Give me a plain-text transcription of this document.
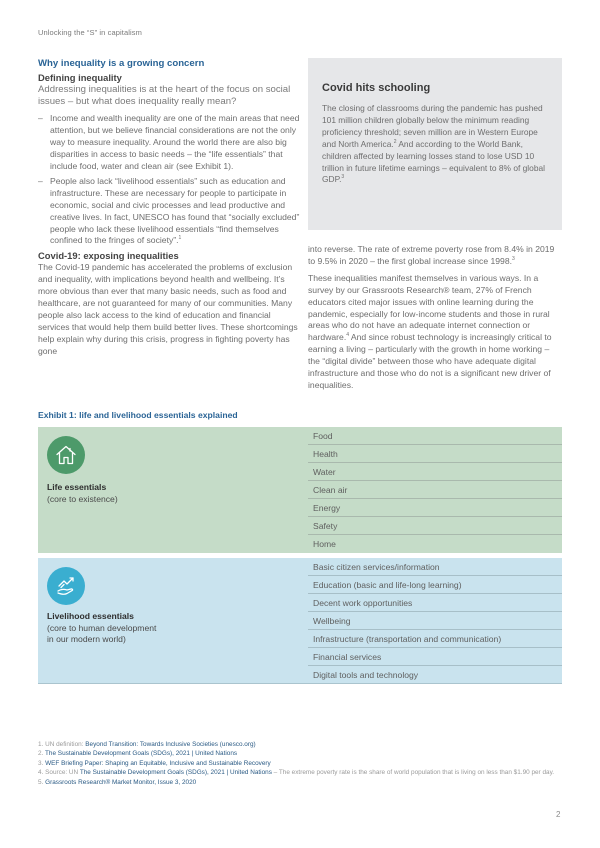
Unlocking the “S” in capitalism
Why inequality is a growing concern
Defining inequality
Addressing inequalities is at the heart of the focus on social issues – but what does inequality really mean?
– Income and wealth inequality are one of the main areas that need attention, but we believe financial considerations are not the only way to measure inequality. Around the world there are also big disparities in access to basic needs – the “life essentials” that include food, water and clean air (see Exhibit 1).
– People also lack “livelihood essentials” such as education and infrastructure. These are necessary for people to participate in economic, social and civic processes and lead productive and creative lives. In fact, UNESCO has found that “socially excluded” people who lack these livelihood essentials “find themselves confined to the fringes of society”.$^1$
Covid-19: exposing inequalities
The Covid-19 pandemic has accelerated the problems of exclusion and inequality, with implications beyond health and wellbeing. It’s more obvious than ever that many basic needs, such as food and healthcare, are not guaranteed for many of our communities. Many people also lack access to the kind of education and financial services that would help them build better lives. These shortcomings help explain why during this crisis, progress in fighting poverty has gone
Covid hits schooling
The closing of classrooms during the pandemic has pushed 101 million children globally below the minimum reading proficiency threshold; seven million are in Western Europe and North America.$^2$ And according to the World Bank, children affected by learning losses stand to lose USD 10 trillion in future lifetime earnings – equivalent to 8% of global GDP.$^3$

into reverse. The rate of extreme poverty rose from 8.4% in 2019 to 9.5% in 2020 – the first global increase since 1998.$^3$

These inequalities manifest themselves in various ways. In a survey by our Grassroots Research® team, 27% of French educators cited major issues with online learning during the pandemic, especially for low-income students and those in rural areas who do not have an adequate internet connection or hardware.$^4$ And since robust technology is increasingly critical to earning a living – particularly with the growth in home working – the “digital divide” between those who have adequate digital infrastructure and those who do not is a significant new driver of inequalities.

Exhibit 1: life and livelihood essentials explained
Life essentials
(core to existence)
Food
Health
Water
Clean air
Energy
Safety
Home
Livelihood essentials
(core to human development
in our modern world)
Basic citizen services/information
Education (basic and life-long learning)
Decent work opportunities
Wellbeing
Infrastructure (transportation and communication)
Financial services
Digital tools and technology
1. UN definition: Beyond Transition: Towards Inclusive Societies (unesco.org)
2. The Sustainable Development Goals (SDGs), 2021 | United Nations
3. WEF Briefing Paper: Shaping an Equitable, Inclusive and Sustainable Recovery
4. Source: UN The Sustainable Development Goals (SDGs), 2021 | United Nations – The extreme poverty rate is the share of world population that is living on less than $1.90 per day.
5. Grassroots Research® Market Monitor, Issue 3, 2020
2
